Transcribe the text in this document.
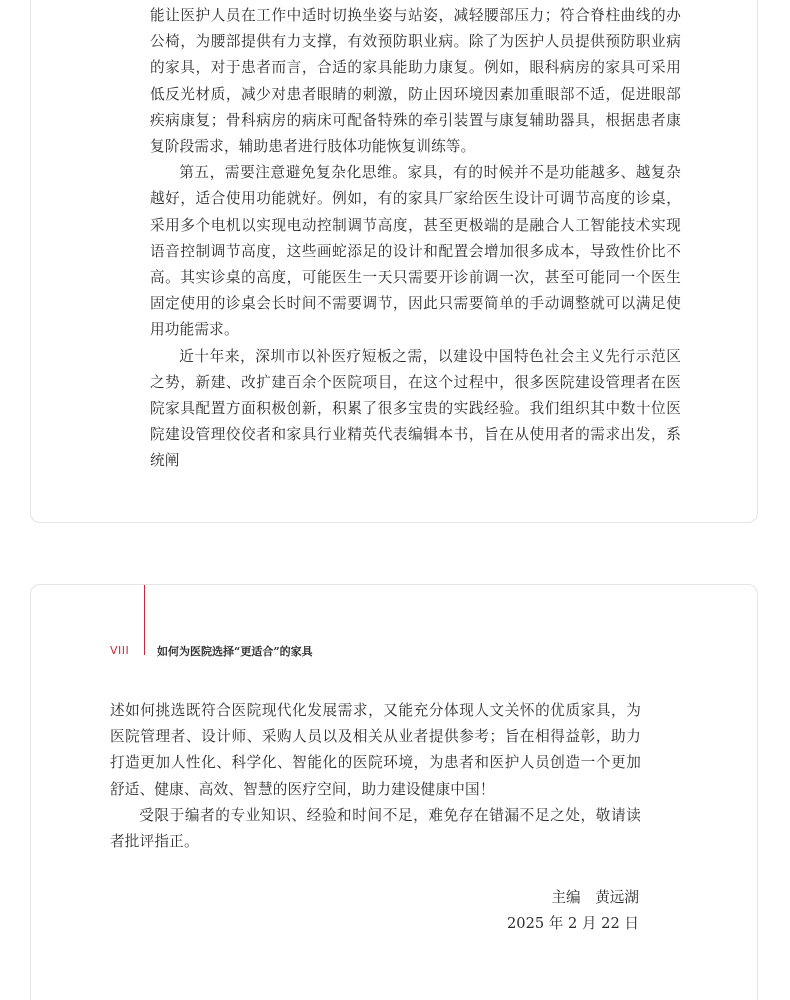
能让医护人员在工作中适时切换坐姿与站姿，减轻腰部压力；符合脊柱曲线的办公椅，为腰部提供有力支撑，有效预防职业病。除了为医护人员提供预防职业病的家具，对于患者而言，合适的家具能助力康复。例如，眼科病房的家具可采用低反光材质，减少对患者眼睛的刺激，防止因环境因素加重眼部不适，促进眼部疾病康复；骨科病房的病床可配备特殊的牵引装置与康复辅助器具，根据患者康复阶段需求，辅助患者进行肢体功能恢复训练等。

第五，需要注意避免复杂化思维。家具，有的时候并不是功能越多、越复杂越好，适合使用功能就好。例如，有的家具厂家给医生设计可调节高度的诊桌，采用多个电机以实现电动控制调节高度，甚至更极端的是融合人工智能技术实现语音控制调节高度，这些画蛇添足的设计和配置会增加很多成本，导致性价比不高。其实诊桌的高度，可能医生一天只需要开诊前调一次，甚至可能同一个医生固定使用的诊桌会长时间不需要调节，因此只需要简单的手动调整就可以满足使用功能需求。

近十年来，深圳市以补医疗短板之需，以建设中国特色社会主义先行示范区之势，新建、改扩建百余个医院项目，在这个过程中，很多医院建设管理者在医院家具配置方面积极创新，积累了很多宝贵的实践经验。我们组织其中数十位医院建设管理佼佼者和家具行业精英代表编辑本书，旨在从使用者的需求出发，系统阐

VIII	如何为医院选择“更适合”的家具

述如何挑选既符合医院现代化发展需求，又能充分体现人文关怀的优质家具，为医院管理者、设计师、采购人员以及相关从业者提供参考；旨在相得益彰，助力打造更加人性化、科学化、智能化的医院环境，为患者和医护人员创造一个更加舒适、健康、高效、智慧的医疗空间，助力建设健康中国！

受限于编者的专业知识、经验和时间不足，难免存在错漏不足之处，敬请读者批评指正。

主编　黄远湖
2025 年 2 月 22 日
